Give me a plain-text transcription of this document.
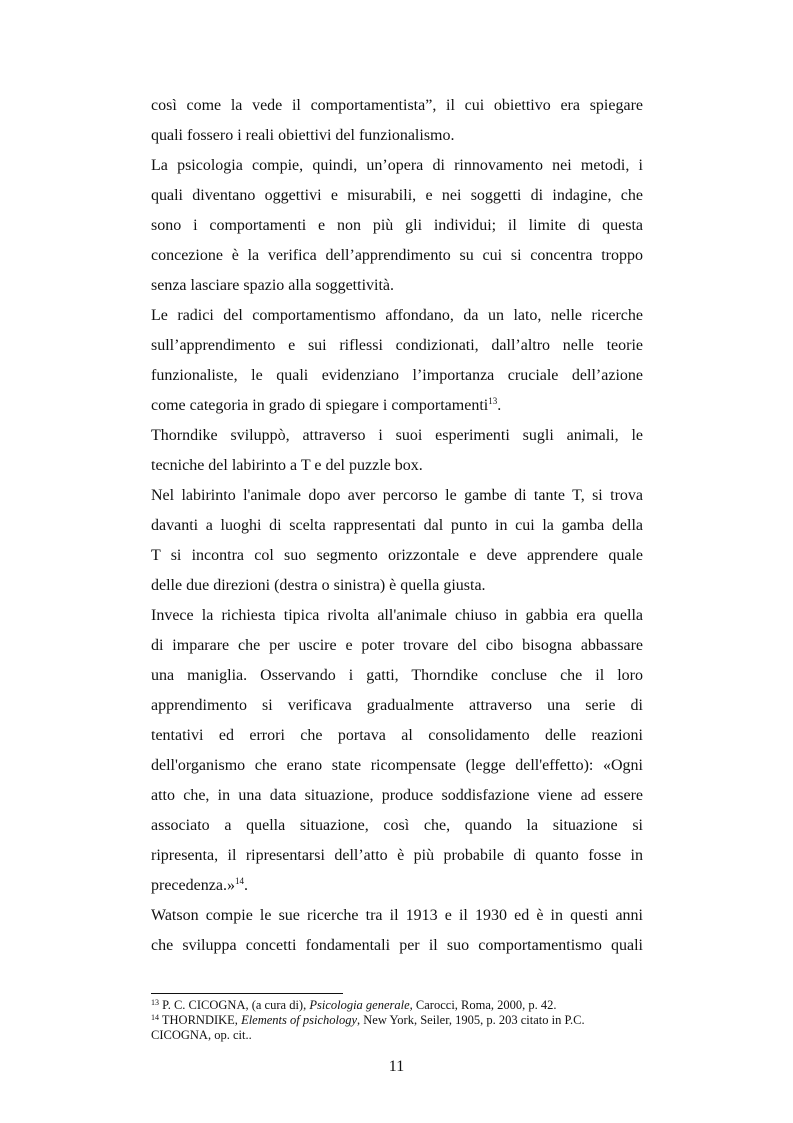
così come la vede il comportamentista”, il cui obiettivo era spiegare
quali fossero i reali obiettivi del funzionalismo.
La psicologia compie, quindi, un’opera di rinnovamento nei metodi, i
quali diventano oggettivi e misurabili, e nei soggetti di indagine, che
sono i comportamenti e non più gli individui; il limite di questa
concezione è la verifica dell’apprendimento su cui si concentra troppo
senza lasciare spazio alla soggettività.
Le radici del comportamentismo affondano, da un lato, nelle ricerche
sull’apprendimento e sui riflessi condizionati, dall’altro nelle teorie
funzionaliste, le quali evidenziano l’importanza cruciale dell’azione
come categoria in grado di spiegare i comportamenti$^{13}$.
Thorndike sviluppò, attraverso i suoi esperimenti sugli animali, le
tecniche del labirinto a T e del puzzle box.
Nel labirinto l'animale dopo aver percorso le gambe di tante T, si trova
davanti a luoghi di scelta rappresentati dal punto in cui la gamba della
T si incontra col suo segmento orizzontale e deve apprendere quale
delle due direzioni (destra o sinistra) è quella giusta.
Invece la richiesta tipica rivolta all'animale chiuso in gabbia era quella
di imparare che per uscire e poter trovare del cibo bisogna abbassare
una maniglia. Osservando i gatti, Thorndike concluse che il loro
apprendimento si verificava gradualmente attraverso una serie di
tentativi ed errori che portava al consolidamento delle reazioni
dell'organismo che erano state ricompensate (legge dell'effetto): «Ogni
atto che, in una data situazione, produce soddisfazione viene ad essere
associato a quella situazione, così che, quando la situazione si
ripresenta, il ripresentarsi dell’atto è più probabile di quanto fosse in
precedenza.»$^{14}$.
Watson compie le sue ricerche tra il 1913 e il 1930 ed è in questi anni
che sviluppa concetti fondamentali per il suo comportamentismo quali

$^{13}$ P. C. CICOGNA, (a cura di), Psicologia generale, Carocci, Roma, 2000, p. 42.

$^{14}$ THORNDIKE, Elements of psichology, New York, Seiler, 1905, p. 203 citato in P.C.
CICOGNA, op. cit..

11
